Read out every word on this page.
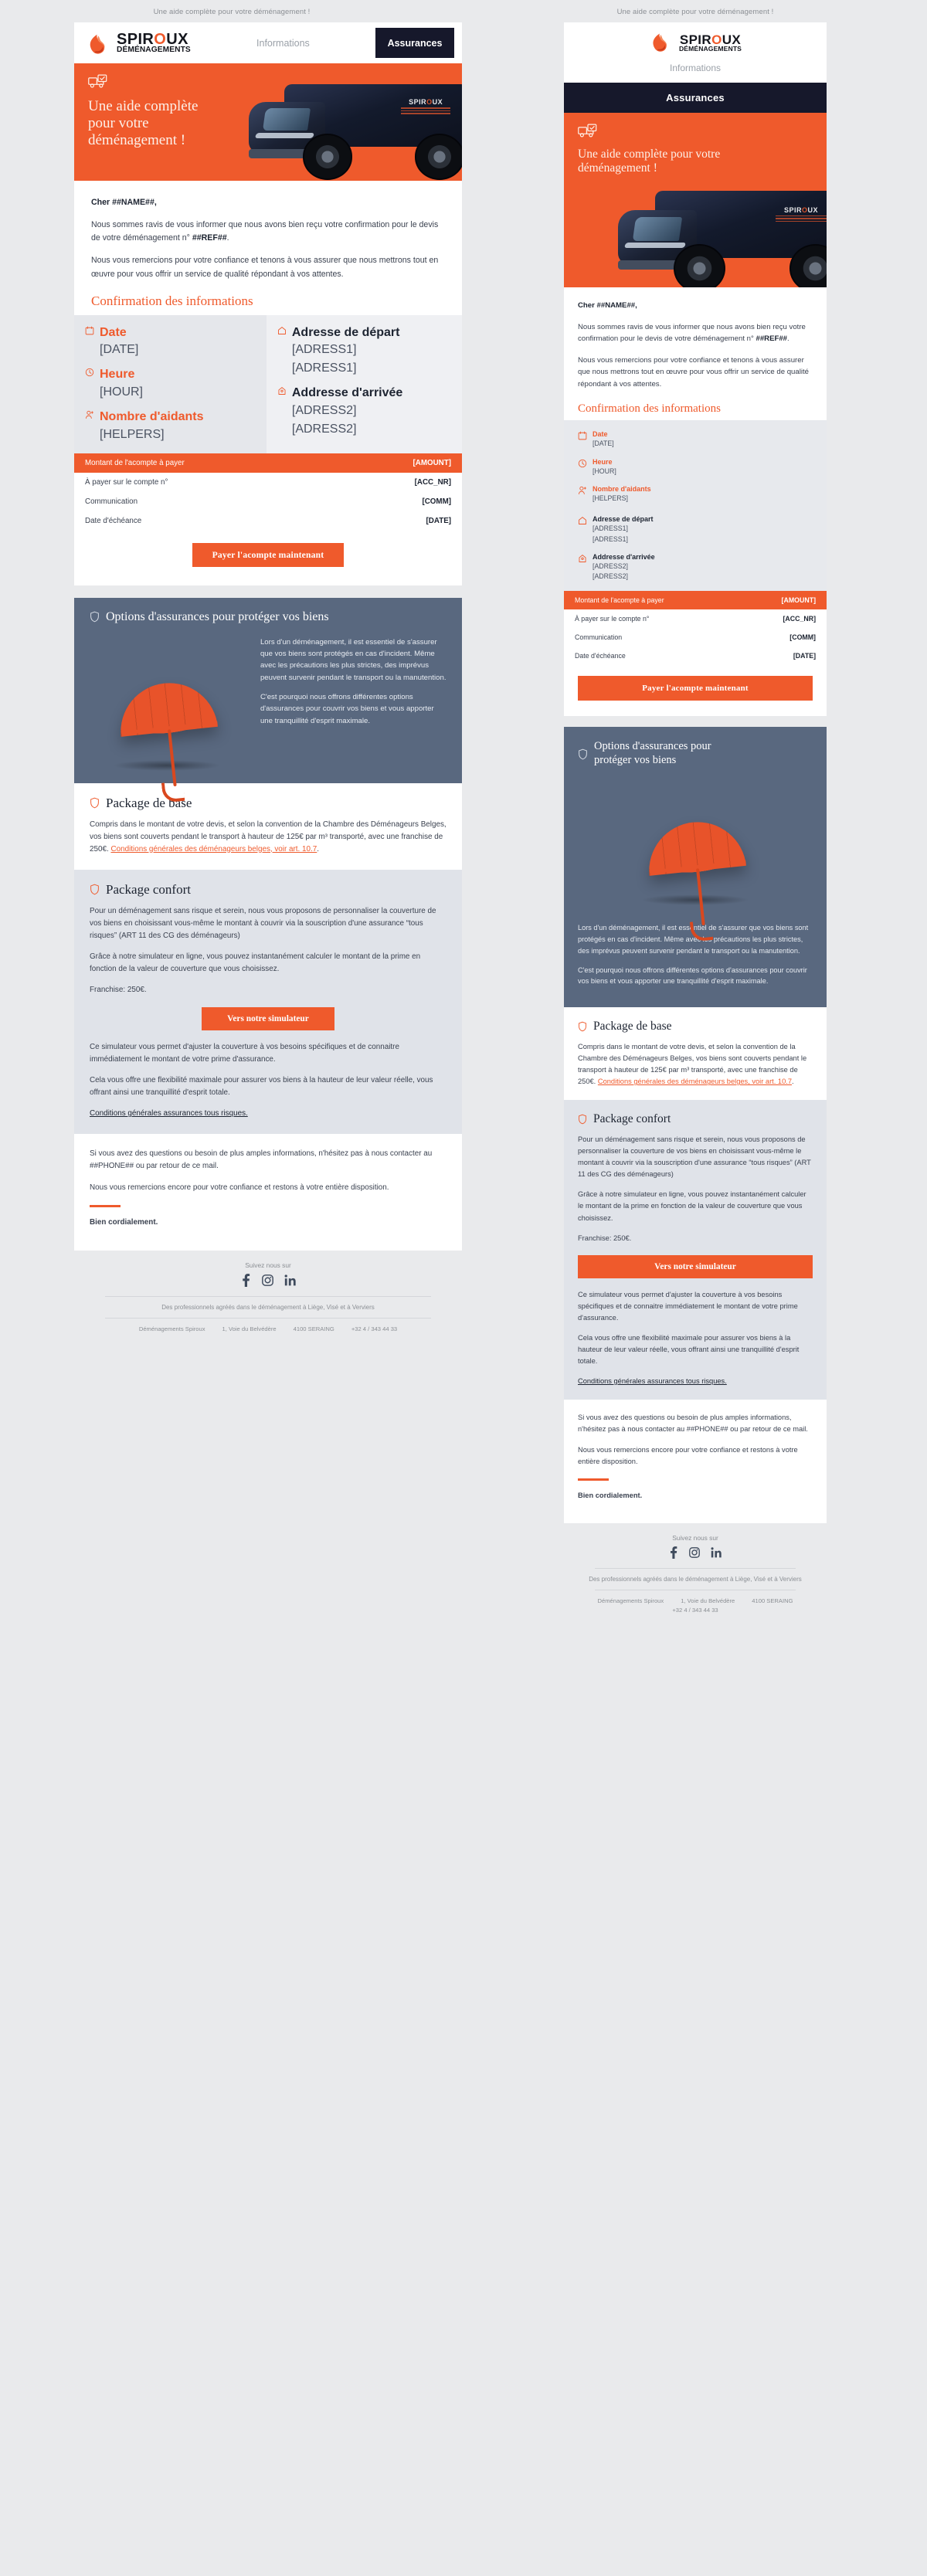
Une aide complète pour votre déménagement !
SPIROUX
DÉMÉNAGEMENTS
Informations	Assurances
Une aide complète
pour votre
déménagement !
SPIROUX

Cher ##NAME##,

Nous sommes ravis de vous informer que nous avons bien reçu votre confirmation pour le devis de votre déménagement n° ##REF##.

Nous vous remercions pour votre confiance et tenons à vous assurer que nous mettrons tout en œuvre pour vous offrir un service de qualité répondant à vos attentes.

Confirmation des informations
Date
[DATE]
Heure
[HOUR]
Nombre d'aidants
[HELPERS]
Adresse de départ
[ADRESS1]
[ADRESS1]
Addresse d'arrivée
[ADRESS2]
[ADRESS2]
Montant de l'acompte à payer	[AMOUNT]
À payer sur le compte n°	[ACC_NR]
Communication	[COMM]
Date d'échéance	[DATE]
Payer l'acompte maintenant
Options d'assurances pour protéger vos biens

Lors d'un déménagement, il est essentiel de s'assurer que vos biens sont protégés en cas d'incident. Même avec les précautions les plus strictes, des imprévus peuvent survenir pendant le transport ou la manutention.

C'est pourquoi nous offrons différentes options d'assurances pour couvrir vos biens et vous apporter une tranquillité d'esprit maximale.

Package de base

Compris dans le montant de votre devis, et selon la convention de la Chambre des Déménageurs Belges, vos biens sont couverts pendant le transport à hauteur de 125€ par m³ transporté, avec une franchise de 250€. Conditions générales des déménageurs belges, voir art. 10.7.

Package confort

Pour un déménagement sans risque et serein, nous vous proposons de personnaliser la couverture de vos biens en choisissant vous-même le montant à couvrir via la souscription d'une assurance “tous risques” (ART 11 des CG des déménageurs)

Grâce à notre simulateur en ligne, vous pouvez instantanément calculer le montant de la prime en fonction de la valeur de couverture que vous choisissez.

Franchise: 250€.

Vers notre simulateur

Ce simulateur vous permet d'ajuster la couverture à vos besoins spécifiques et de connaitre immédiatement le montant de votre prime d'assurance.

Cela vous offre une flexibilité maximale pour assurer vos biens à la hauteur de leur valeur réelle, vous offrant ainsi une tranquillité d'esprit totale.

Conditions générales assurances tous risques.

Si vous avez des questions ou besoin de plus amples informations, n'hésitez pas à nous contacter au ##PHONE## ou par retour de ce mail.

Nous vous remercions encore pour votre confiance et restons à votre entière disposition.

Bien cordialement.

Suivez nous sur
Des professionnels agréés dans le déménagement à Liège, Visé et à Verviers
Déménagements Spiroux	1, Voie du Belvédère	4100 SERAING	+32 4 / 343 44 33
Une aide complète pour votre déménagement !
SPIROUX
DÉMÉNAGEMENTS
Informations
Assurances
Une aide complète pour votre
déménagement !
SPIROUX

Cher ##NAME##,

Nous sommes ravis de vous informer que nous avons bien reçu votre confirmation pour le devis de votre déménagement n° ##REF##.

Nous vous remercions pour votre confiance et tenons à vous assurer que nous mettrons tout en œuvre pour vous offrir un service de qualité répondant à vos attentes.

Confirmation des informations
Date
[DATE]
Heure
[HOUR]
Nombre d'aidants
[HELPERS]
Adresse de départ
[ADRESS1]
[ADRESS1]
Addresse d'arrivée
[ADRESS2]
[ADRESS2]
Montant de l'acompte à payer	[AMOUNT]
À payer sur le compte n°	[ACC_NR]
Communication	[COMM]
Date d'échéance	[DATE]
Payer l'acompte maintenant
Options d'assurances pour
protéger vos biens

Lors d'un déménagement, il est essentiel de s'assurer que vos biens sont protégés en cas d'incident. Même avec les précautions les plus strictes, des imprévus peuvent survenir pendant le transport ou la manutention.

C'est pourquoi nous offrons différentes options d'assurances pour couvrir vos biens et vous apporter une tranquillité d'esprit maximale.

Package de base

Compris dans le montant de votre devis, et selon la convention de la Chambre des Déménageurs Belges, vos biens sont couverts pendant le transport à hauteur de 125€ par m³ transporté, avec une franchise de 250€. Conditions générales des déménageurs belges, voir art. 10.7.

Package confort

Pour un déménagement sans risque et serein, nous vous proposons de personnaliser la couverture de vos biens en choisissant vous-même le montant à couvrir via la souscription d'une assurance “tous risques” (ART 11 des CG des déménageurs)

Grâce à notre simulateur en ligne, vous pouvez instantanément calculer le montant de la prime en fonction de la valeur de couverture que vous choisissez.

Franchise: 250€.

Vers notre simulateur

Ce simulateur vous permet d'ajuster la couverture à vos besoins spécifiques et de connaitre immédiatement le montant de votre prime d'assurance.

Cela vous offre une flexibilité maximale pour assurer vos biens à la hauteur de leur valeur réelle, vous offrant ainsi une tranquillité d'esprit totale.

Conditions générales assurances tous risques.

Si vous avez des questions ou besoin de plus amples informations, n'hésitez pas à nous contacter au ##PHONE## ou par retour de ce mail.

Nous vous remercions encore pour votre confiance et restons à votre entière disposition.

Bien cordialement.

Suivez nous sur
Des professionnels agréés dans le déménagement à Liège, Visé et à Verviers
Déménagements Spiroux	1, Voie du Belvédère	4100 SERAING
+32 4 / 343 44 33
